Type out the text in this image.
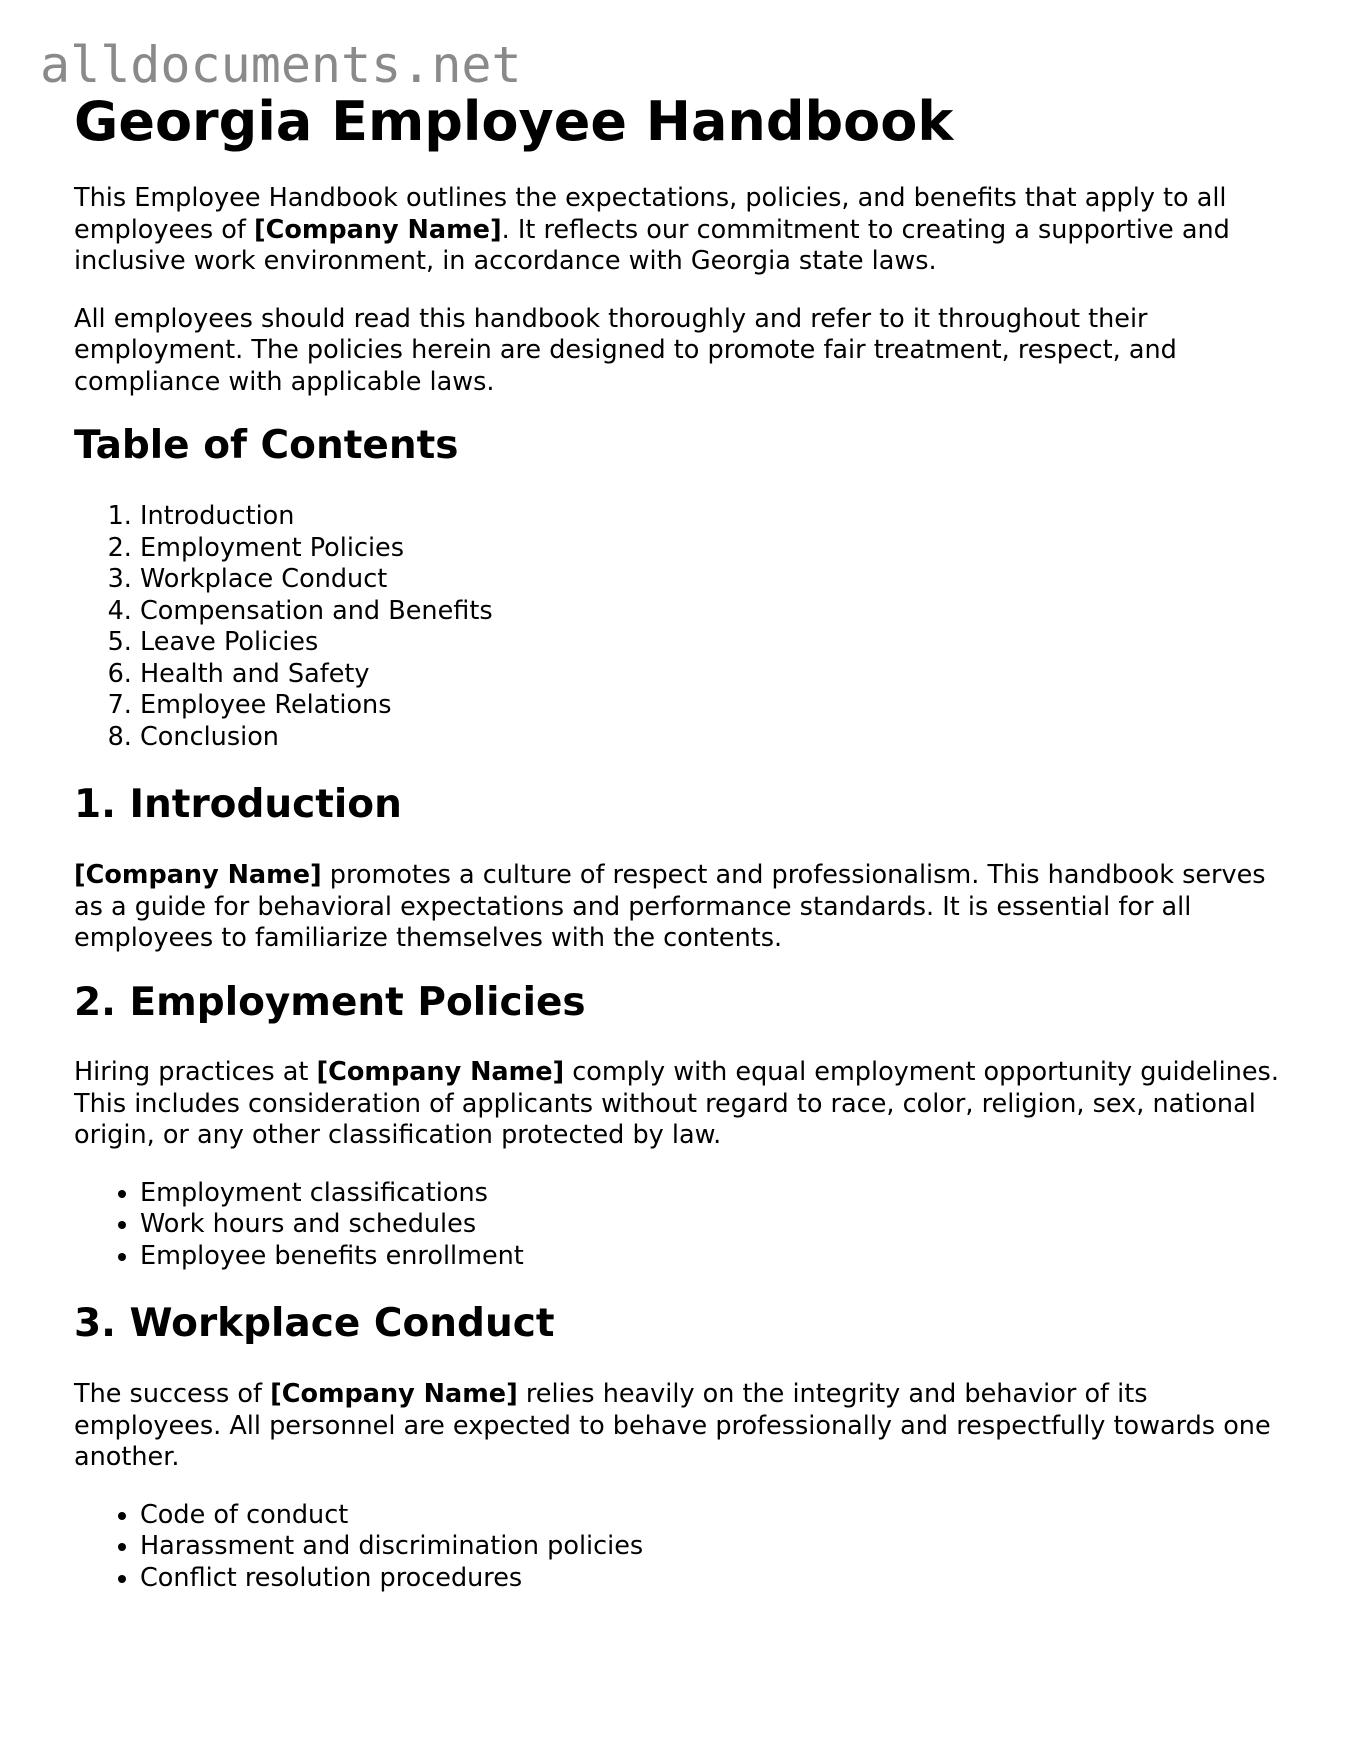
alldocuments.net
Georgia Employee Handbook

This Employee Handbook outlines the expectations, policies, and benefits that apply to all employees of [Company Name]. It reflects our commitment to creating a supportive and inclusive work environment, in accordance with Georgia state laws.

All employees should read this handbook thoroughly and refer to it throughout their employment. The policies herein are designed to promote fair treatment, respect, and compliance with applicable laws.

Table of Contents
1. Introduction
2. Employment Policies
3. Workplace Conduct
4. Compensation and Benefits
5. Leave Policies
6. Health and Safety
7. Employee Relations
8. Conclusion
1. Introduction

[Company Name] promotes a culture of respect and professionalism. This handbook serves as a guide for behavioral expectations and performance standards. It is essential for all employees to familiarize themselves with the contents.

2. Employment Policies

Hiring practices at [Company Name] comply with equal employment opportunity guidelines. This includes consideration of applicants without regard to race, color, religion, sex, national origin, or any other classification protected by law.

• Employment classifications
• Work hours and schedules
• Employee benefits enrollment
3. Workplace Conduct

The success of [Company Name] relies heavily on the integrity and behavior of its employees. All personnel are expected to behave professionally and respectfully towards one another.

• Code of conduct
• Harassment and discrimination policies
• Conflict resolution procedures
